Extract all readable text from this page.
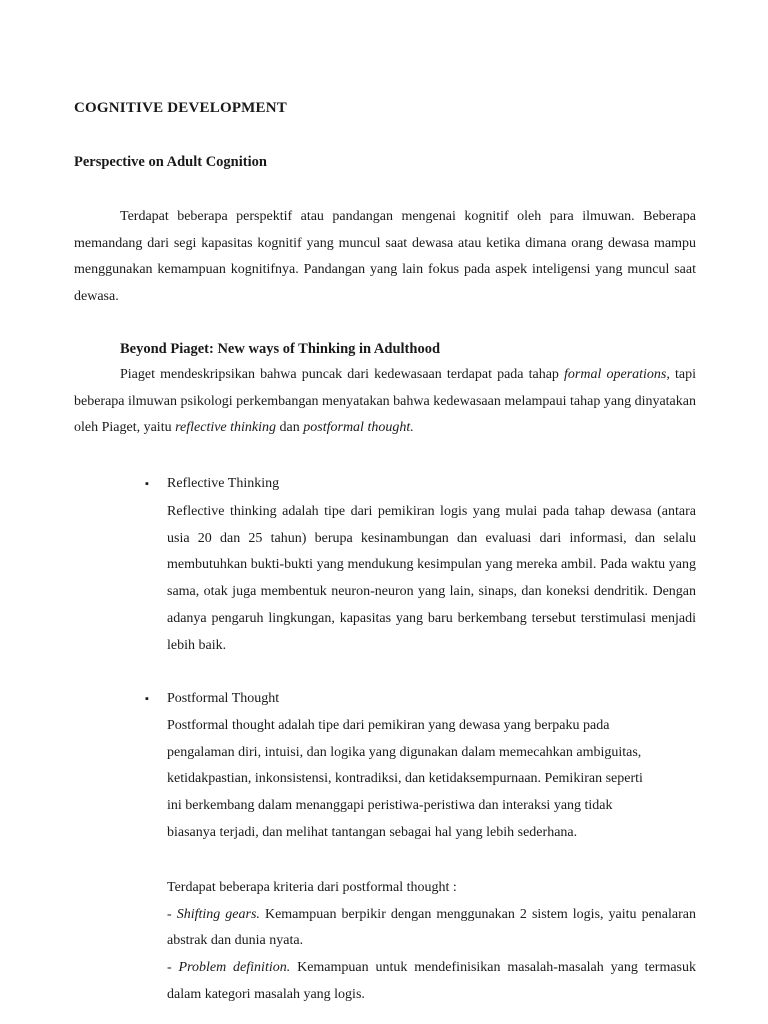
COGNITIVE DEVELOPMENT
Perspective on Adult Cognition
Terdapat beberapa perspektif atau pandangan mengenai kognitif oleh para ilmuwan. Beberapa memandang dari segi kapasitas kognitif yang muncul saat dewasa atau ketika dimana orang dewasa mampu menggunakan kemampuan kognitifnya. Pandangan yang lain fokus pada aspek inteligensi yang muncul saat dewasa.
Beyond Piaget: New ways of Thinking in Adulthood
Piaget mendeskripsikan bahwa puncak dari kedewasaan terdapat pada tahap formal operations, tapi beberapa ilmuwan psikologi perkembangan menyatakan bahwa kedewasaan melampaui tahap yang dinyatakan oleh Piaget, yaitu reflective thinking dan postformal thought.
▪ Reflective Thinking
Reflective thinking adalah tipe dari pemikiran logis yang mulai pada tahap dewasa (antara usia 20 dan 25 tahun) berupa kesinambungan dan evaluasi dari informasi, dan selalu membutuhkan bukti-bukti yang mendukung kesimpulan yang mereka ambil. Pada waktu yang sama, otak juga membentuk neuron-neuron yang lain, sinaps, dan koneksi dendritik. Dengan adanya pengaruh lingkungan, kapasitas yang baru berkembang tersebut terstimulasi menjadi lebih baik.
▪ Postformal Thought
Postformal thought adalah tipe dari pemikiran yang dewasa yang berpaku pada
pengalaman diri, intuisi, dan logika yang digunakan dalam memecahkan ambiguitas,
ketidakpastian, inkonsistensi, kontradiksi, dan ketidaksempurnaan. Pemikiran seperti
ini berkembang dalam menanggapi peristiwa-peristiwa dan interaksi yang tidak
biasanya terjadi, dan melihat tantangan sebagai hal yang lebih sederhana.
Terdapat beberapa kriteria dari postformal thought :
- Shifting gears. Kemampuan berpikir dengan menggunakan 2 sistem logis, yaitu penalaran abstrak dan dunia nyata.
- Problem definition. Kemampuan untuk mendefinisikan masalah-masalah yang termasuk dalam kategori masalah yang logis.
